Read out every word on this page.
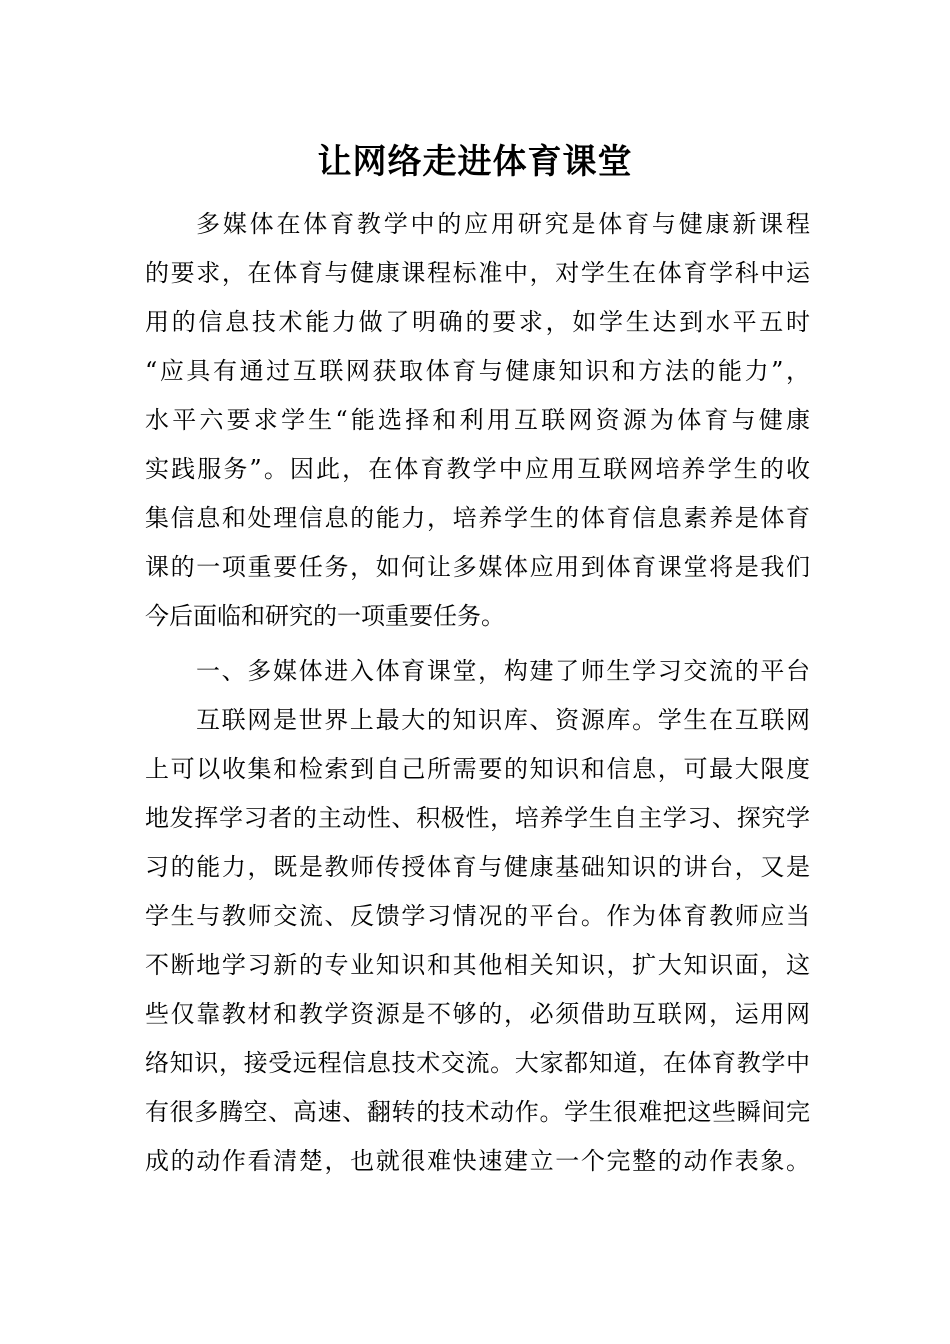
让网络走进体育课堂
多媒体在体育教学中的应用研究是体育与健康新课程
的要求，在体育与健康课程标准中，对学生在体育学科中运
用的信息技术能力做了明确的要求，如学生达到水平五时
“应具有通过互联网获取体育与健康知识和方法的能力”，
水平六要求学生“能选择和利用互联网资源为体育与健康
实践服务”。因此，在体育教学中应用互联网培养学生的收
集信息和处理信息的能力，培养学生的体育信息素养是体育
课的一项重要任务，如何让多媒体应用到体育课堂将是我们
今后面临和研究的一项重要任务。
一、多媒体进入体育课堂，构建了师生学习交流的平台
互联网是世界上最大的知识库、资源库。学生在互联网
上可以收集和检索到自己所需要的知识和信息，可最大限度
地发挥学习者的主动性、积极性，培养学生自主学习、探究学
习的能力，既是教师传授体育与健康基础知识的讲台，又是
学生与教师交流、反馈学习情况的平台。作为体育教师应当
不断地学习新的专业知识和其他相关知识，扩大知识面，这
些仅靠教材和教学资源是不够的，必须借助互联网，运用网
络知识，接受远程信息技术交流。大家都知道，在体育教学中
有很多腾空、高速、翻转的技术动作。学生很难把这些瞬间完
成的动作看清楚，也就很难快速建立一个完整的动作表象。
